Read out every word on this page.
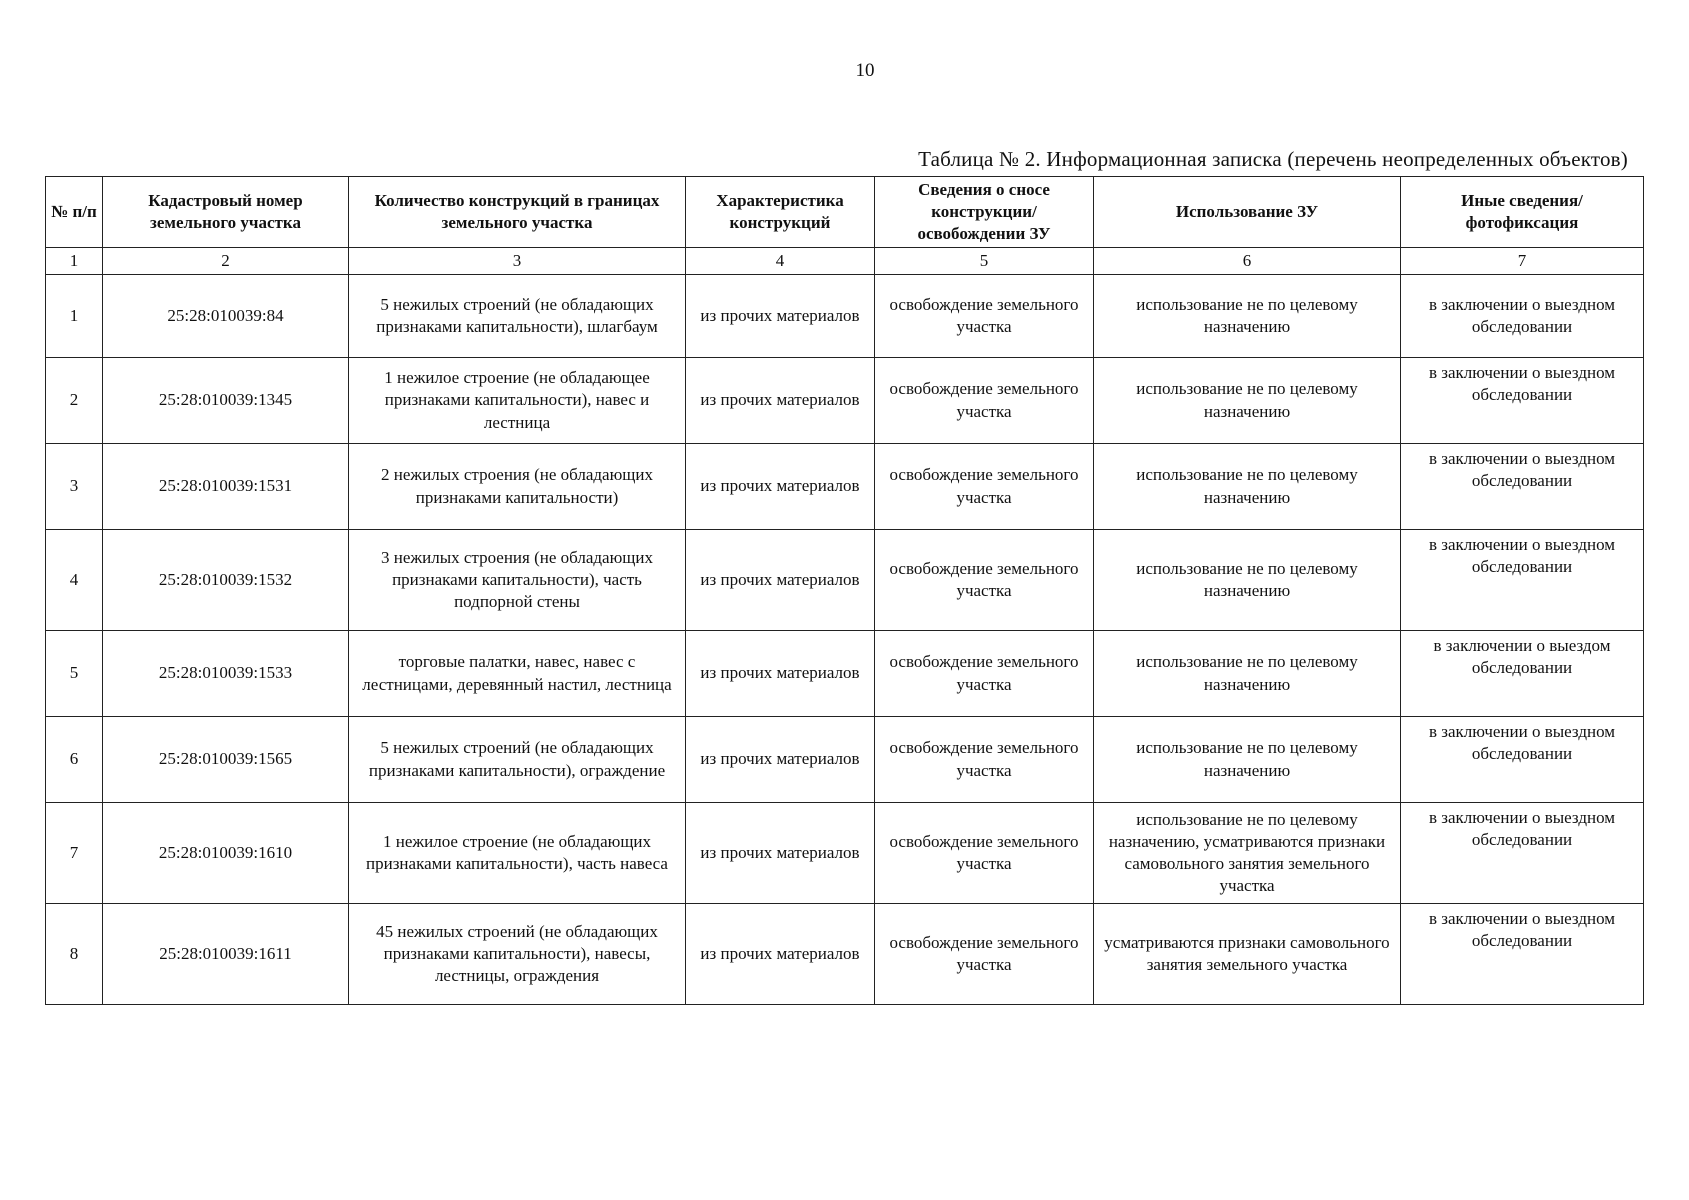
10
Таблица № 2. Информационная записка (перечень неопределенных объектов)
№ п/п	Кадастровый номер земельного участка	Количество конструкций в границах земельного участка	Характеристика конструкций	Сведения о сносе конструкции/ освобождении ЗУ	Использование ЗУ	Иные сведения/ фотофиксация
1	2	3	4	5	6	7
1	25:28:010039:84	5 нежилых строений (не обладающих признаками капитальности), шлагбаум	из прочих материалов	освобождение земельного участка	использование не по целевому назначению	в заключении о выездном обследовании
2	25:28:010039:1345	1 нежилое строение (не обладающее признаками капитальности), навес и лестница	из прочих материалов	освобождение земельного участка	использование не по целевому назначению	в заключении о выездном обследовании
3	25:28:010039:1531	2 нежилых строения (не обладающих признаками капитальности)	из прочих материалов	освобождение земельного участка	использование не по целевому назначению	в заключении о выездном обследовании
4	25:28:010039:1532	3 нежилых строения (не обладающих признаками капитальности), часть подпорной стены	из прочих материалов	освобождение земельного участка	использование не по целевому назначению	в заключении о выездном обследовании
5	25:28:010039:1533	торговые палатки, навес, навес с лестницами, деревянный настил, лестница	из прочих материалов	освобождение земельного участка	использование не по целевому назначению	в заключении о выездом обследовании
6	25:28:010039:1565	5 нежилых строений (не обладающих признаками капитальности), ограждение	из прочих материалов	освобождение земельного участка	использование не по целевому назначению	в заключении о выездном обследовании
7	25:28:010039:1610	1 нежилое строение (не обладающих признаками капитальности), часть навеса	из прочих материалов	освобождение земельного участка	использование не по целевому назначению, усматриваются признаки самовольного занятия земельного участка	в заключении о выездном обследовании
8	25:28:010039:1611	45 нежилых строений (не обладающих признаками капитальности), навесы, лестницы, ограждения	из прочих материалов	освобождение земельного участка	усматриваются признаки самовольного занятия земельного участка	в заключении о выездном обследовании
